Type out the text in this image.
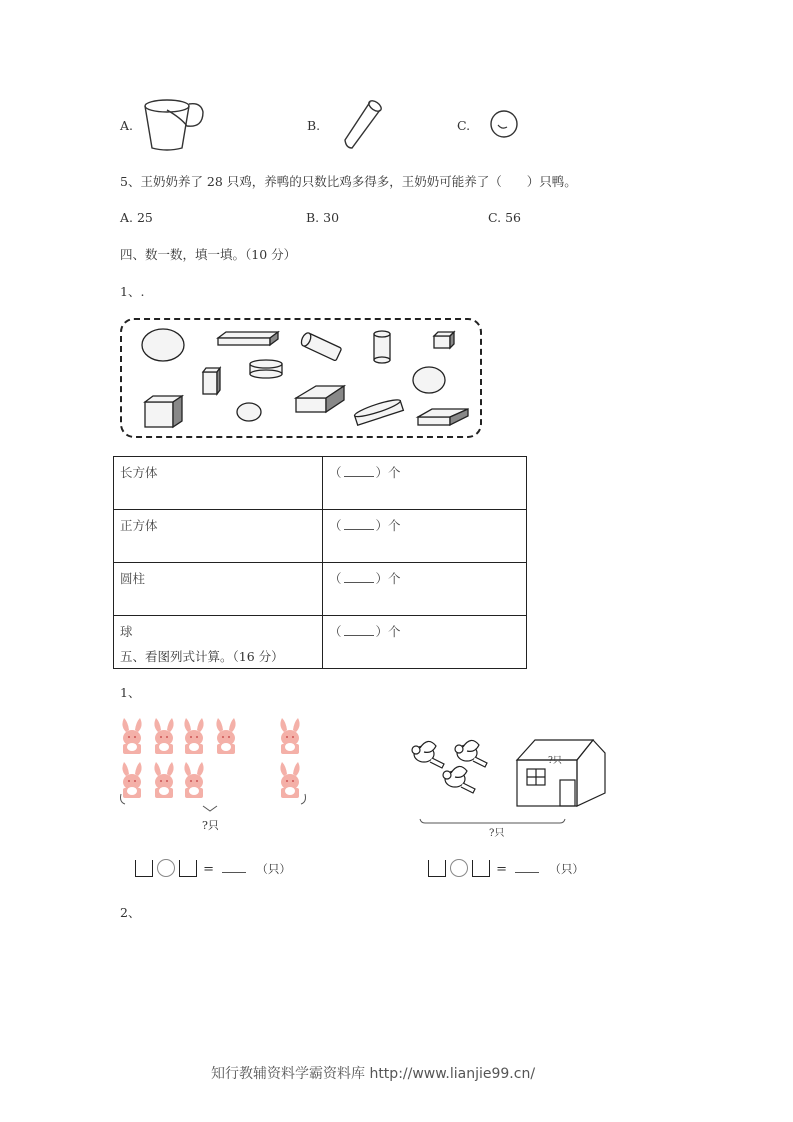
A.	B.	C.
5、王奶奶养了 28 只鸡，养鸭的只数比鸡多得多，王奶奶可能养了（　　）只鸭。
A. 25	B. 30	C. 56
四、数一数，填一填。（10 分）
1、.
长方体	（ ）个
正方体	（ ）个
圆柱	（ ）个
球	（ ）个
五、看图列式计算。（16 分）
1、
?只
=	（只）
?只
?只
=	（只）
2、
知行教辅资料学霸资料库 http://www.lianjie99.cn/
